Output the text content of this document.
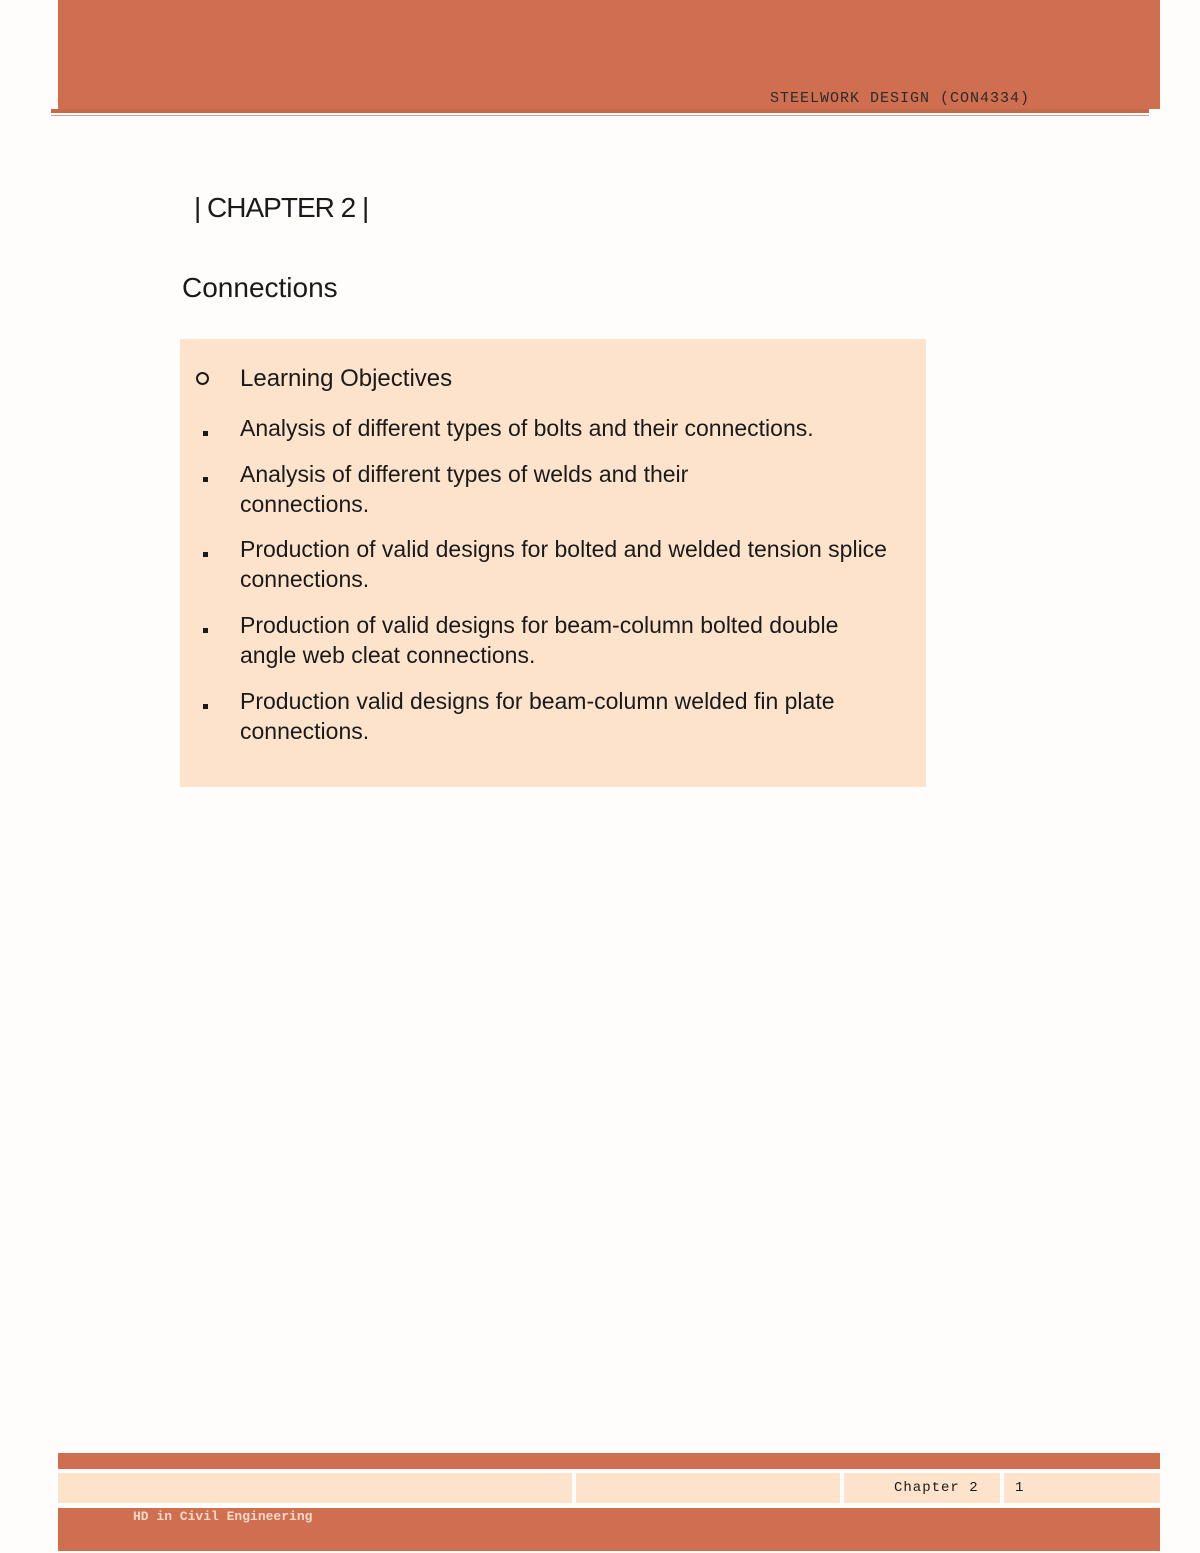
STEELWORK DESIGN (CON4334)
| CHAPTER 2 |
Connections
Learning Objectives
Analysis of different types of bolts and their connections.
Analysis of different types of welds and their connections.
Production of valid designs for bolted and welded tension splice connections.
Production of valid designs for beam-column bolted double angle web cleat connections.
Production valid designs for beam-column welded fin plate connections.
Chapter 2	1
HD in Civil Engineering
